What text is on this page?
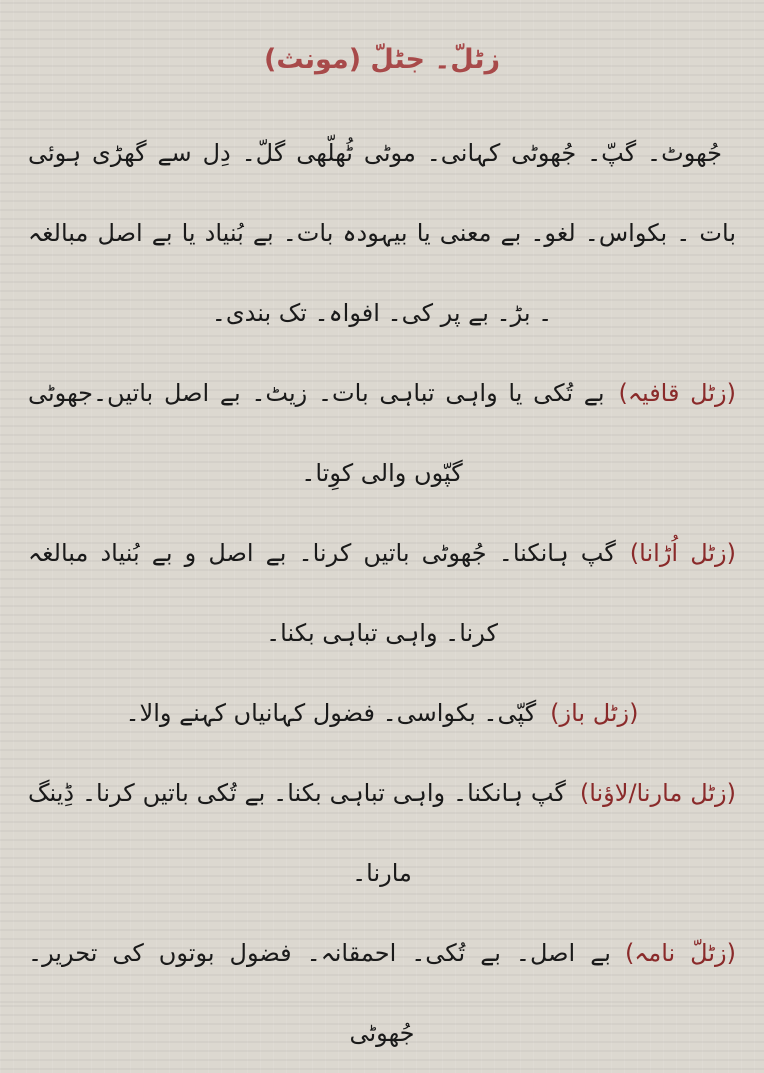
زٹلّ۔ جٹلّ (مونث)

جُھوٹ۔ گپّ۔ جُھوٹی کہانی۔ موٹی ٹُھلّھی گلّ۔ دِل سے گھڑی ہوئی بات ۔ بکواس۔ لغو۔ بے معنی یا بیہودہ بات۔ بے بُنیاد یا بے اصل مبالغہ ۔ بڑ۔ بے پر کی۔ افواہ۔ تک بندی۔

(زٹل قافیہ)بے تُکی یا واہی تباہی بات۔ زیٹ۔ بے اصل باتیں۔جھوٹی گپّوں والی کوِتا۔

(زٹل اُڑانا)گپ ہانکنا۔ جُھوٹی باتیں کرنا۔ بے اصل و بے بُنیاد مبالغہ کرنا۔ واہی تباہی بکنا۔

(زٹل باز)گپّی۔ بکواسی۔ فضول کہانیاں کہنے والا۔

(زٹل مارنا/لاؤنا)گپ ہانکنا۔ واہی تباہی بکنا۔ بے تُکی باتیں کرنا۔ ڈِینگ مارنا۔

(زٹلّ نامہ)بے اصل۔ بے تُکی۔ احمقانہ۔ فضول بوتوں کی تحریر۔ جُھوٹی
